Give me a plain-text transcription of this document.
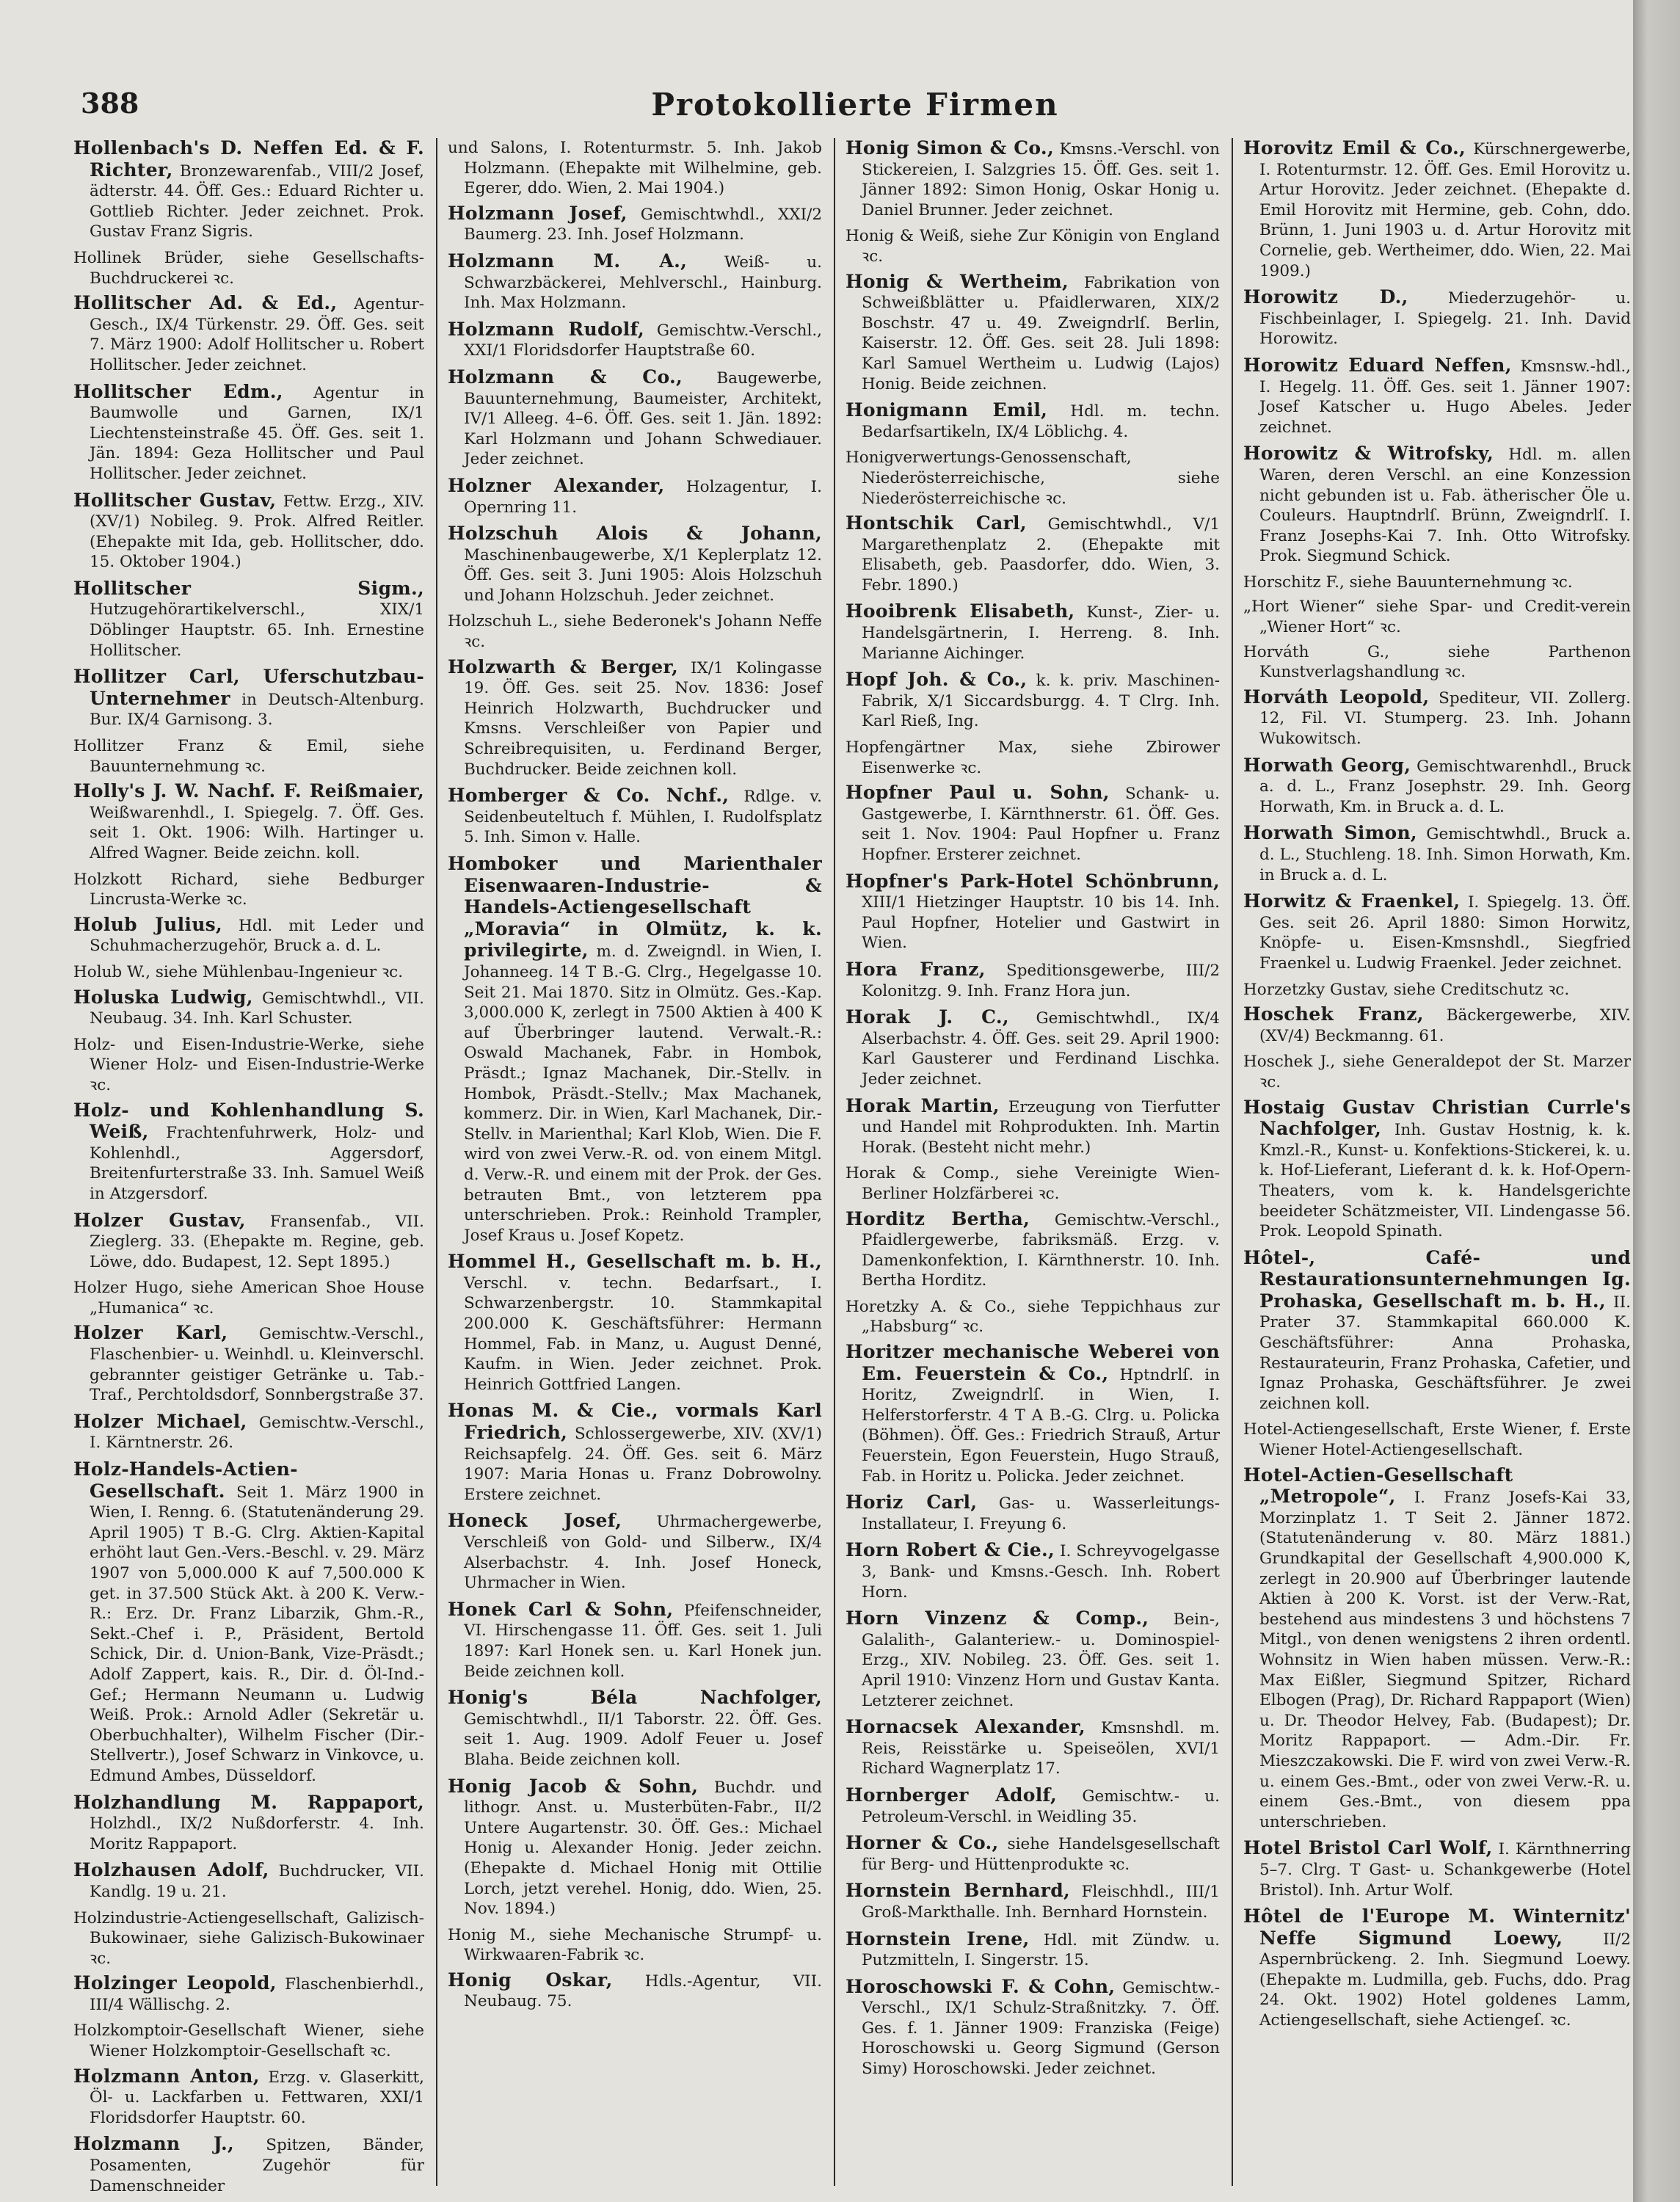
388	Protokollierte Firmen

Hollenbach's D. Neffen Ed. & F. Richter, Bronzewarenfab., VIII/2 Josef, ädterstr. 44. Öff. Ges.: Eduard Richter u. Gottlieb Richter. Jeder zeichnet. Prok. Gustav Franz Sigris.

Hollinek Brüder, siehe Gesellschafts-Buchdruckerei ꝛc.

Hollitscher Ad. & Ed., Agentur-Gesch., IX/4 Türkenstr. 29. Öff. Ges. seit 7. März 1900: Adolf Hollitscher u. Robert Hollitscher. Jeder zeichnet.

Hollitscher Edm., Agentur in Baumwolle und Garnen, IX/1 Liechtensteinstraße 45. Öff. Ges. seit 1. Jän. 1894: Geza Hollitscher und Paul Hollitscher. Jeder zeichnet.

Hollitscher Gustav, Fettw. Erzg., XIV. (XV/1) Nobileg. 9. Prok. Alfred Reitler. (Ehepakte mit Ida, geb. Hollitscher, ddo. 15. Oktober 1904.)

Hollitscher Sigm., Hutzugehörartikelverschl., XIX/1 Döblinger Hauptstr. 65. Inh. Ernestine Hollitscher.

Hollitzer Carl, Uferschutzbau-Unternehmer in Deutsch-Altenburg. Bur. IX/4 Garnisong. 3.

Hollitzer Franz & Emil, siehe Bauunternehmung ꝛc.

Holly's J. W. Nachf. F. Reißmaier, Weißwarenhdl., I. Spiegelg. 7. Öff. Ges. seit 1. Okt. 1906: Wilh. Hartinger u. Alfred Wagner. Beide zeichn. koll.

Holzkott Richard, siehe Bedburger Lincrusta-Werke ꝛc.

Holub Julius, Hdl. mit Leder und Schuhmacherzugehör, Bruck a. d. L.

Holub W., siehe Mühlenbau-Ingenieur ꝛc.

Holuska Ludwig, Gemischtwhdl., VII. Neubaug. 34. Inh. Karl Schuster.

Holz- und Eisen-Industrie-Werke, siehe Wiener Holz- und Eisen-Industrie-Werke ꝛc.

Holz- und Kohlenhandlung S. Weiß, Frachtenfuhrwerk, Holz- und Kohlenhdl., Aggersdorf, Breitenfurterstraße 33. Inh. Samuel Weiß in Atzgersdorf.

Holzer Gustav, Fransenfab., VII. Zieglerg. 33. (Ehepakte m. Regine, geb. Löwe, ddo. Budapest, 12. Sept 1895.)

Holzer Hugo, siehe American Shoe House „Humanica“ ꝛc.

Holzer Karl, Gemischtw.-Verschl., Flaschenbier- u. Weinhdl. u. Kleinverschl. gebrannter geistiger Getränke u. Tab.-Traf., Perchtoldsdorf, Sonnbergstraße 37.

Holzer Michael, Gemischtw.-Verschl., I. Kärntnerstr. 26.

Holz-Handels-Actien-Gesellschaft. Seit 1. März 1900 in Wien, I. Renng. 6. (Statutenänderung 29. April 1905) T B.-G. Clrg. Aktien-Kapital erhöht laut Gen.-Vers.-Beschl. v. 29. März 1907 von 5,000.000 K auf 7,500.000 K get. in 37.500 Stück Akt. à 200 K. Verw.-R.: Erz. Dr. Franz Libarzik, Ghm.-R., Sekt.-Chef i. P., Präsident, Bertold Schick, Dir. d. Union-Bank, Vize-Präsdt.; Adolf Zappert, kais. R., Dir. d. Öl-Ind.-Gef.; Hermann Neumann u. Ludwig Weiß. Prok.: Arnold Adler (Sekretär u. Oberbuchhalter), Wilhelm Fischer (Dir.-Stellvertr.), Josef Schwarz in Vinkovce, u. Edmund Ambes, Düsseldorf.

Holzhandlung M. Rappaport, Holzhdl., IX/2 Nußdorferstr. 4. Inh. Moritz Rappaport.

Holzhausen Adolf, Buchdrucker, VII. Kandlg. 19 u. 21.

Holzindustrie-Actiengesellschaft, Galizisch-Bukowinaer, siehe Galizisch-Bukowinaer ꝛc.

Holzinger Leopold, Flaschenbierhdl., III/4 Wällischg. 2.

Holzkomptoir-Gesellschaft Wiener, siehe Wiener Holzkomptoir-Gesellschaft ꝛc.

Holzmann Anton, Erzg. v. Glaserkitt, Öl- u. Lackfarben u. Fettwaren, XXI/1 Floridsdorfer Hauptstr. 60.

Holzmann J., Spitzen, Bänder, Posamenten, Zugehör für Damenschneider

und Salons, I. Rotenturmstr. 5. Inh. Jakob Holzmann. (Ehepakte mit Wilhelmine, geb. Egerer, ddo. Wien, 2. Mai 1904.)

Holzmann Josef, Gemischtwhdl., XXI/2 Baumerg. 23. Inh. Josef Holzmann.

Holzmann M. A., Weiß- u. Schwarzbäckerei, Mehlverschl., Hainburg. Inh. Max Holzmann.

Holzmann Rudolf, Gemischtw.-Verschl., XXI/1 Floridsdorfer Hauptstraße 60.

Holzmann & Co., Baugewerbe, Bauunternehmung, Baumeister, Architekt, IV/1 Alleeg. 4–6. Öff. Ges. seit 1. Jän. 1892: Karl Holzmann und Johann Schwediauer. Jeder zeichnet.

Holzner Alexander, Holzagentur, I. Opernring 11.

Holzschuh Alois & Johann, Maschinenbaugewerbe, X/1 Keplerplatz 12. Öff. Ges. seit 3. Juni 1905: Alois Holzschuh und Johann Holzschuh. Jeder zeichnet.

Holzschuh L., siehe Bederonek's Johann Neffe ꝛc.

Holzwarth & Berger, IX/1 Kolingasse 19. Öff. Ges. seit 25. Nov. 1836: Josef Heinrich Holzwarth, Buchdrucker und Kmsns. Verschleißer von Papier und Schreibrequisiten, u. Ferdinand Berger, Buchdrucker. Beide zeichnen koll.

Homberger & Co. Nchf., Rdlge. v. Seidenbeuteltuch f. Mühlen, I. Rudolfsplatz 5. Inh. Simon v. Halle.

Homboker und Marienthaler Eisenwaaren-Industrie- & Handels-Actiengesellschaft „Moravia“ in Olmütz, k. k. privilegirte, m. d. Zweigndl. in Wien, I. Johanneeg. 14 T B.-G. Clrg., Hegelgasse 10. Seit 21. Mai 1870. Sitz in Olmütz. Ges.-Kap. 3,000.000 K, zerlegt in 7500 Aktien à 400 K auf Überbringer lautend. Verwalt.-R.: Oswald Machanek, Fabr. in Hombok, Präsdt.; Ignaz Machanek, Dir.-Stellv. in Hombok, Präsdt.-Stellv.; Max Machanek, kommerz. Dir. in Wien, Karl Machanek, Dir.-Stellv. in Marienthal; Karl Klob, Wien. Die F. wird von zwei Verw.-R. od. von einem Mitgl. d. Verw.-R. und einem mit der Prok. der Ges. betrauten Bmt., von letzterem ppa unterschrieben. Prok.: Reinhold Trampler, Josef Kraus u. Josef Kopetz.

Hommel H., Gesellschaft m. b. H., Verschl. v. techn. Bedarfsart., I. Schwarzenbergstr. 10. Stammkapital 200.000 K. Geschäftsführer: Hermann Hommel, Fab. in Manz, u. August Denné, Kaufm. in Wien. Jeder zeichnet. Prok. Heinrich Gottfried Langen.

Honas M. & Cie., vormals Karl Friedrich, Schlossergewerbe, XIV. (XV/1) Reichsapfelg. 24. Öff. Ges. seit 6. März 1907: Maria Honas u. Franz Dobrowolny. Erstere zeichnet.

Honeck Josef, Uhrmachergewerbe, Verschleiß von Gold- und Silberw., IX/4 Alserbachstr. 4. Inh. Josef Honeck, Uhrmacher in Wien.

Honek Carl & Sohn, Pfeifenschneider, VI. Hirschengasse 11. Öff. Ges. seit 1. Juli 1897: Karl Honek sen. u. Karl Honek jun. Beide zeichnen koll.

Honig's Béla Nachfolger, Gemischtwhdl., II/1 Taborstr. 22. Öff. Ges. seit 1. Aug. 1909. Adolf Feuer u. Josef Blaha. Beide zeichnen koll.

Honig Jacob & Sohn, Buchdr. und lithogr. Anst. u. Musterbüten-Fabr., II/2 Untere Augartenstr. 30. Öff. Ges.: Michael Honig u. Alexander Honig. Jeder zeichn. (Ehepakte d. Michael Honig mit Ottilie Lorch, jetzt verehel. Honig, ddo. Wien, 25. Nov. 1894.)

Honig M., siehe Mechanische Strumpf- u. Wirkwaaren-Fabrik ꝛc.

Honig Oskar, Hdls.-Agentur, VII. Neubaug. 75.

Honig Simon & Co., Kmsns.-Verschl. von Stickereien, I. Salzgries 15. Öff. Ges. seit 1. Jänner 1892: Simon Honig, Oskar Honig u. Daniel Brunner. Jeder zeichnet.

Honig & Weiß, siehe Zur Königin von England ꝛc.

Honig & Wertheim, Fabrikation von Schweißblätter u. Pfaidlerwaren, XIX/2 Boschstr. 47 u. 49. Zweigndrlſ. Berlin, Kaiserstr. 12. Öff. Ges. seit 28. Juli 1898: Karl Samuel Wertheim u. Ludwig (Lajos) Honig. Beide zeichnen.

Honigmann Emil, Hdl. m. techn. Bedarfsartikeln, IX/4 Löblichg. 4.

Honigverwertungs-Genossenschaft, Niederösterreichische, siehe Niederösterreichische ꝛc.

Hontschik Carl, Gemischtwhdl., V/1 Margarethenplatz 2. (Ehepakte mit Elisabeth, geb. Paasdorfer, ddo. Wien, 3. Febr. 1890.)

Hooibrenk Elisabeth, Kunst-, Zier- u. Handelsgärtnerin, I. Herreng. 8. Inh. Marianne Aichinger.

Hopf Joh. & Co., k. k. priv. Maschinen-Fabrik, X/1 Siccardsburgg. 4. T Clrg. Inh. Karl Rieß, Ing.

Hopfengärtner Max, siehe Zbirower Eisenwerke ꝛc.

Hopfner Paul u. Sohn, Schank- u. Gastgewerbe, I. Kärnthnerstr. 61. Öff. Ges. seit 1. Nov. 1904: Paul Hopfner u. Franz Hopfner. Ersterer zeichnet.

Hopfner's Park-Hotel Schönbrunn, XIII/1 Hietzinger Hauptstr. 10 bis 14. Inh. Paul Hopfner, Hotelier und Gastwirt in Wien.

Hora Franz, Speditionsgewerbe, III/2 Kolonitzg. 9. Inh. Franz Hora jun.

Horak J. C., Gemischtwhdl., IX/4 Alserbachstr. 4. Öff. Ges. seit 29. April 1900: Karl Gausterer und Ferdinand Lischka. Jeder zeichnet.

Horak Martin, Erzeugung von Tierfutter und Handel mit Rohprodukten. Inh. Martin Horak. (Besteht nicht mehr.)

Horak & Comp., siehe Vereinigte Wien-Berliner Holzfärberei ꝛc.

Horditz Bertha, Gemischtw.-Verschl., Pfaidlergewerbe, fabriksmäß. Erzg. v. Damenkonfektion, I. Kärnthnerstr. 10. Inh. Bertha Horditz.

Horetzky A. & Co., siehe Teppichhaus zur „Habsburg“ ꝛc.

Horitzer mechanische Weberei von Em. Feuerstein & Co., Hptndrlſ. in Horitz, Zweigndrlſ. in Wien, I. Helferstorferstr. 4 T A B.-G. Clrg. u. Policka (Böhmen). Öff. Ges.: Friedrich Strauß, Artur Feuerstein, Egon Feuerstein, Hugo Strauß, Fab. in Horitz u. Policka. Jeder zeichnet.

Horiz Carl, Gas- u. Wasserleitungs-Installateur, I. Freyung 6.

Horn Robert & Cie., I. Schreyvogelgasse 3, Bank- und Kmsns.-Gesch. Inh. Robert Horn.

Horn Vinzenz & Comp., Bein-, Galalith-, Galanteriew.- u. Dominospiel-Erzg., XIV. Nobileg. 23. Öff. Ges. seit 1. April 1910: Vinzenz Horn und Gustav Kanta. Letzterer zeichnet.

Hornacsek Alexander, Kmsnshdl. m. Reis, Reisstärke u. Speiseölen, XVI/1 Richard Wagnerplatz 17.

Hornberger Adolf, Gemischtw.- u. Petroleum-Verschl. in Weidling 35.

Horner & Co., siehe Handelsgesellschaft für Berg- und Hüttenprodukte ꝛc.

Hornstein Bernhard, Fleischhdl., III/1 Groß-Markthalle. Inh. Bernhard Hornstein.

Hornstein Irene, Hdl. mit Zündw. u. Putzmitteln, I. Singerstr. 15.

Horoschowski F. & Cohn, Gemischtw.-Verschl., IX/1 Schulz-Straßnitzky. 7. Öff. Ges. f. 1. Jänner 1909: Franziska (Feige) Horoschowski u. Georg Sigmund (Gerson Simy) Horoschowski. Jeder zeichnet.

Horovitz Emil & Co., Kürschnergewerbe, I. Rotenturmstr. 12. Öff. Ges. Emil Horovitz u. Artur Horovitz. Jeder zeichnet. (Ehepakte d. Emil Horovitz mit Hermine, geb. Cohn, ddo. Brünn, 1. Juni 1903 u. d. Artur Horovitz mit Cornelie, geb. Wertheimer, ddo. Wien, 22. Mai 1909.)

Horowitz D., Miederzugehör- u. Fischbeinlager, I. Spiegelg. 21. Inh. David Horowitz.

Horowitz Eduard Neffen, Kmsnsw.-hdl., I. Hegelg. 11. Öff. Ges. seit 1. Jänner 1907: Josef Katscher u. Hugo Abeles. Jeder zeichnet.

Horowitz & Witrofsky, Hdl. m. allen Waren, deren Verschl. an eine Konzession nicht gebunden ist u. Fab. ätherischer Öle u. Couleurs. Hauptndrlſ. Brünn, Zweigndrlſ. I. Franz Josephs-Kai 7. Inh. Otto Witrofsky. Prok. Siegmund Schick.

Horschitz F., siehe Bauunternehmung ꝛc.

„Hort Wiener“ siehe Spar- und Credit-verein „Wiener Hort“ ꝛc.

Horváth G., siehe Parthenon Kunstverlagshandlung ꝛc.

Horváth Leopold, Spediteur, VII. Zollerg. 12, Fil. VI. Stumperg. 23. Inh. Johann Wukowitsch.

Horwath Georg, Gemischtwarenhdl., Bruck a. d. L., Franz Josephstr. 29. Inh. Georg Horwath, Km. in Bruck a. d. L.

Horwath Simon, Gemischtwhdl., Bruck a. d. L., Stuchleng. 18. Inh. Simon Horwath, Km. in Bruck a. d. L.

Horwitz & Fraenkel, I. Spiegelg. 13. Öff. Ges. seit 26. April 1880: Simon Horwitz, Knöpfe- u. Eisen-Kmsnshdl., Siegfried Fraenkel u. Ludwig Fraenkel. Jeder zeichnet.

Horzetzky Gustav, siehe Creditschutz ꝛc.

Hoschek Franz, Bäckergewerbe, XIV. (XV/4) Beckmanng. 61.

Hoschek J., siehe Generaldepot der St. Marzer ꝛc.

Hostaig Gustav Christian Currle's Nachfolger, Inh. Gustav Hostnig, k. k. Kmzl.-R., Kunst- u. Konfektions-Stickerei, k. u. k. Hof-Lieferant, Lieferant d. k. k. Hof-Opern-Theaters, vom k. k. Handelsgerichte beeideter Schätzmeister, VII. Lindengasse 56. Prok. Leopold Spinath.

Hôtel-, Café- und Restaurationsunternehmungen Ig. Prohaska, Gesellschaft m. b. H., II. Prater 37. Stammkapital 660.000 K. Geschäftsführer: Anna Prohaska, Restaurateurin, Franz Prohaska, Cafetier, und Ignaz Prohaska, Geschäftsführer. Je zwei zeichnen koll.

Hotel-Actiengesellschaft, Erste Wiener, f. Erste Wiener Hotel-Actiengesellschaft.

Hotel-Actien-Gesellschaft „Metropole“, I. Franz Josefs-Kai 33, Morzinplatz 1. T Seit 2. Jänner 1872. (Statutenänderung v. 80. März 1881.) Grundkapital der Gesellschaft 4,900.000 K, zerlegt in 20.900 auf Überbringer lautende Aktien à 200 K. Vorst. ist der Verw.-Rat, bestehend aus mindestens 3 und höchstens 7 Mitgl., von denen wenigstens 2 ihren ordentl. Wohnsitz in Wien haben müssen. Verw.-R.: Max Eißler, Siegmund Spitzer, Richard Elbogen (Prag), Dr. Richard Rappaport (Wien) u. Dr. Theodor Helvey, Fab. (Budapest); Dr. Moritz Rappaport. — Adm.-Dir. Fr. Mieszczakowski. Die F. wird von zwei Verw.-R. u. einem Ges.-Bmt., oder von zwei Verw.-R. u. einem Ges.-Bmt., von diesem ppa unterschrieben.

Hotel Bristol Carl Wolf, I. Kärnthnerring 5–7. Clrg. T Gast- u. Schankgewerbe (Hotel Bristol). Inh. Artur Wolf.

Hôtel de l'Europe M. Winternitz' Neffe Sigmund Loewy, II/2 Aspernbrückeng. 2. Inh. Siegmund Loewy. (Ehepakte m. Ludmilla, geb. Fuchs, ddo. Prag 24. Okt. 1902) Hotel goldenes Lamm, Actiengesellschaft, siehe Actiengeſ. ꝛc.
